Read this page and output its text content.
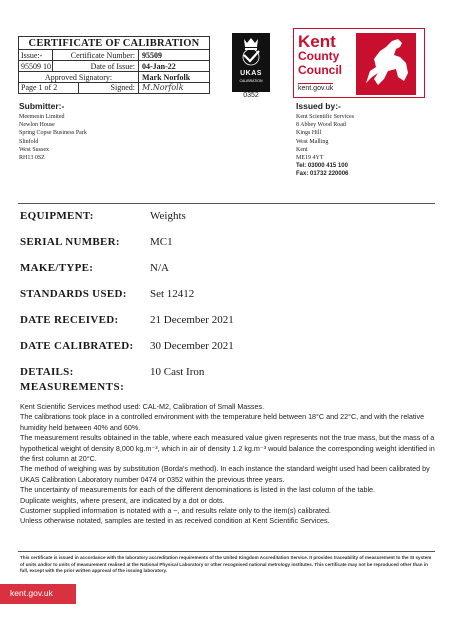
CERTIFICATE OF CALIBRATION
Issue:-	Certificate Number: 95509
95509 10	Date of Issue: 04-Jan-22
Approved Signatory:	Mark Norfolk
Page 1 of 2	Signed: M.Norfolk
UKAS
CALIBRATION
0352
Kent
County
Council
kent.gov.uk
Submitter:-
Meemesin Limited
Newlon House
Spring Copse Business Park
Slinfold
West Sussex
RH13 0SZ
Issued by:-
Kent Scientific Services
8 Abbey Wood Road
Kings Hill
West Malling
Kent
ME19 4YT
Tel: 03000 415 100
Fax: 01732 220006
EQUIPMENT:	Weights
SERIAL NUMBER:	MC1
MAKE/TYPE:	N/A
STANDARDS USED: Set 12412
DATE RECEIVED:	21 December 2021
DATE CALIBRATED: 30 December 2021
DETAILS:	10 Cast Iron
MEASUREMENTS:

Kent Scientific Services method used: CAL-M2, Calibration of Small Masses.

The calibrations took place in a controlled environment with the temperature held between 18°C and 22°C, and with the relative humidity held between 40% and 60%.

The measurement results obtained in the table, where each measured value given represents not the true mass, but the mass of a hypothetical weight of density 8,000 kg.m⁻³, which in air of density 1.2 kg.m⁻³ would balance the corresponding weight identified in the first column at 20°C.

The method of weighing was by substitution (Borda's method). In each instance the standard weight used had been calibrated by UKAS Calibration Laboratory number 0474 or 0352 within the previous three years.

The uncertainty of measurements for each of the different denominations is listed in the last column of the table.

Duplicate weights, where present, are indicated by a dot or dots.

Customer supplied information is notated with a ~, and results relate only to the item(s) calibrated.

Unless otherwise notated, samples are tested in as received condition at Kent Scientific Services.

This certificate is issued in accordance with the laboratory accreditation requirements of the United Kingdom Accreditation Service. It provides traceability of measurement to the SI system of units and/or to units of measurement realised at the National Physical Laboratory or other recognised national metrology institutes. This certificate may not be reproduced other than in full, except with the prior written approval of the issuing laboratory.
kent.gov.uk
